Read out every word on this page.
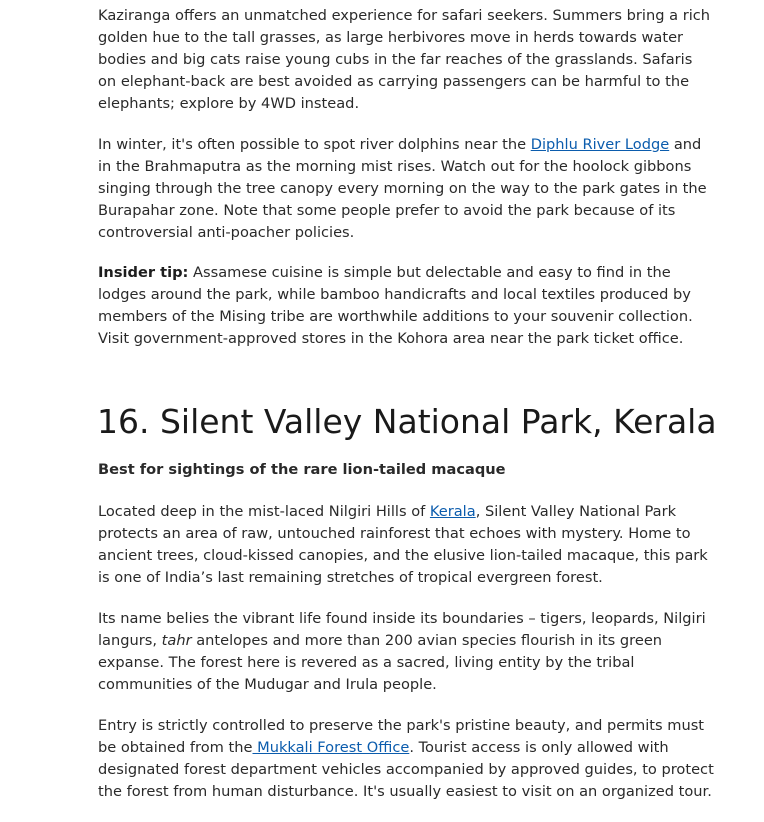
Kaziranga offers an unmatched experience for safari seekers. Summers bring a rich golden hue to the tall grasses, as large herbivores move in herds towards water bodies and big cats raise young cubs in the far reaches of the grasslands. Safaris on elephant-back are best avoided as carrying passengers can be harmful to the elephants; explore by 4WD instead.

In winter, it's often possible to spot river dolphins near the Diphlu River Lodge and in the Brahmaputra as the morning mist rises. Watch out for the hoolock gibbons singing through the tree canopy every morning on the way to the park gates in the Burapahar zone. Note that some people prefer to avoid the park because of its controversial anti-poacher policies.

Insider tip: Assamese cuisine is simple but delectable and easy to find in the lodges around the park, while bamboo handicrafts and local textiles produced by members of the Mising tribe are worthwhile additions to your souvenir collection. Visit government-approved stores in the Kohora area near the park ticket office.

16. Silent Valley National Park, Kerala

Best for sightings of the rare lion-tailed macaque

Located deep in the mist-laced Nilgiri Hills of Kerala, Silent Valley National Park protects an area of raw, untouched rainforest that echoes with mystery. Home to ancient trees, cloud-kissed canopies, and the elusive lion-tailed macaque, this park is one of India’s last remaining stretches of tropical evergreen forest.

Its name belies the vibrant life found inside its boundaries – tigers, leopards, Nilgiri langurs, tahr antelopes and more than 200 avian species flourish in its green expanse. The forest here is revered as a sacred, living entity by the tribal communities of the Mudugar and Irula people.

Entry is strictly controlled to preserve the park's pristine beauty, and permits must be obtained from the Mukkali Forest Office. Tourist access is only allowed with designated forest department vehicles accompanied by approved guides, to protect the forest from human disturbance. It's usually easiest to visit on an organized tour.
